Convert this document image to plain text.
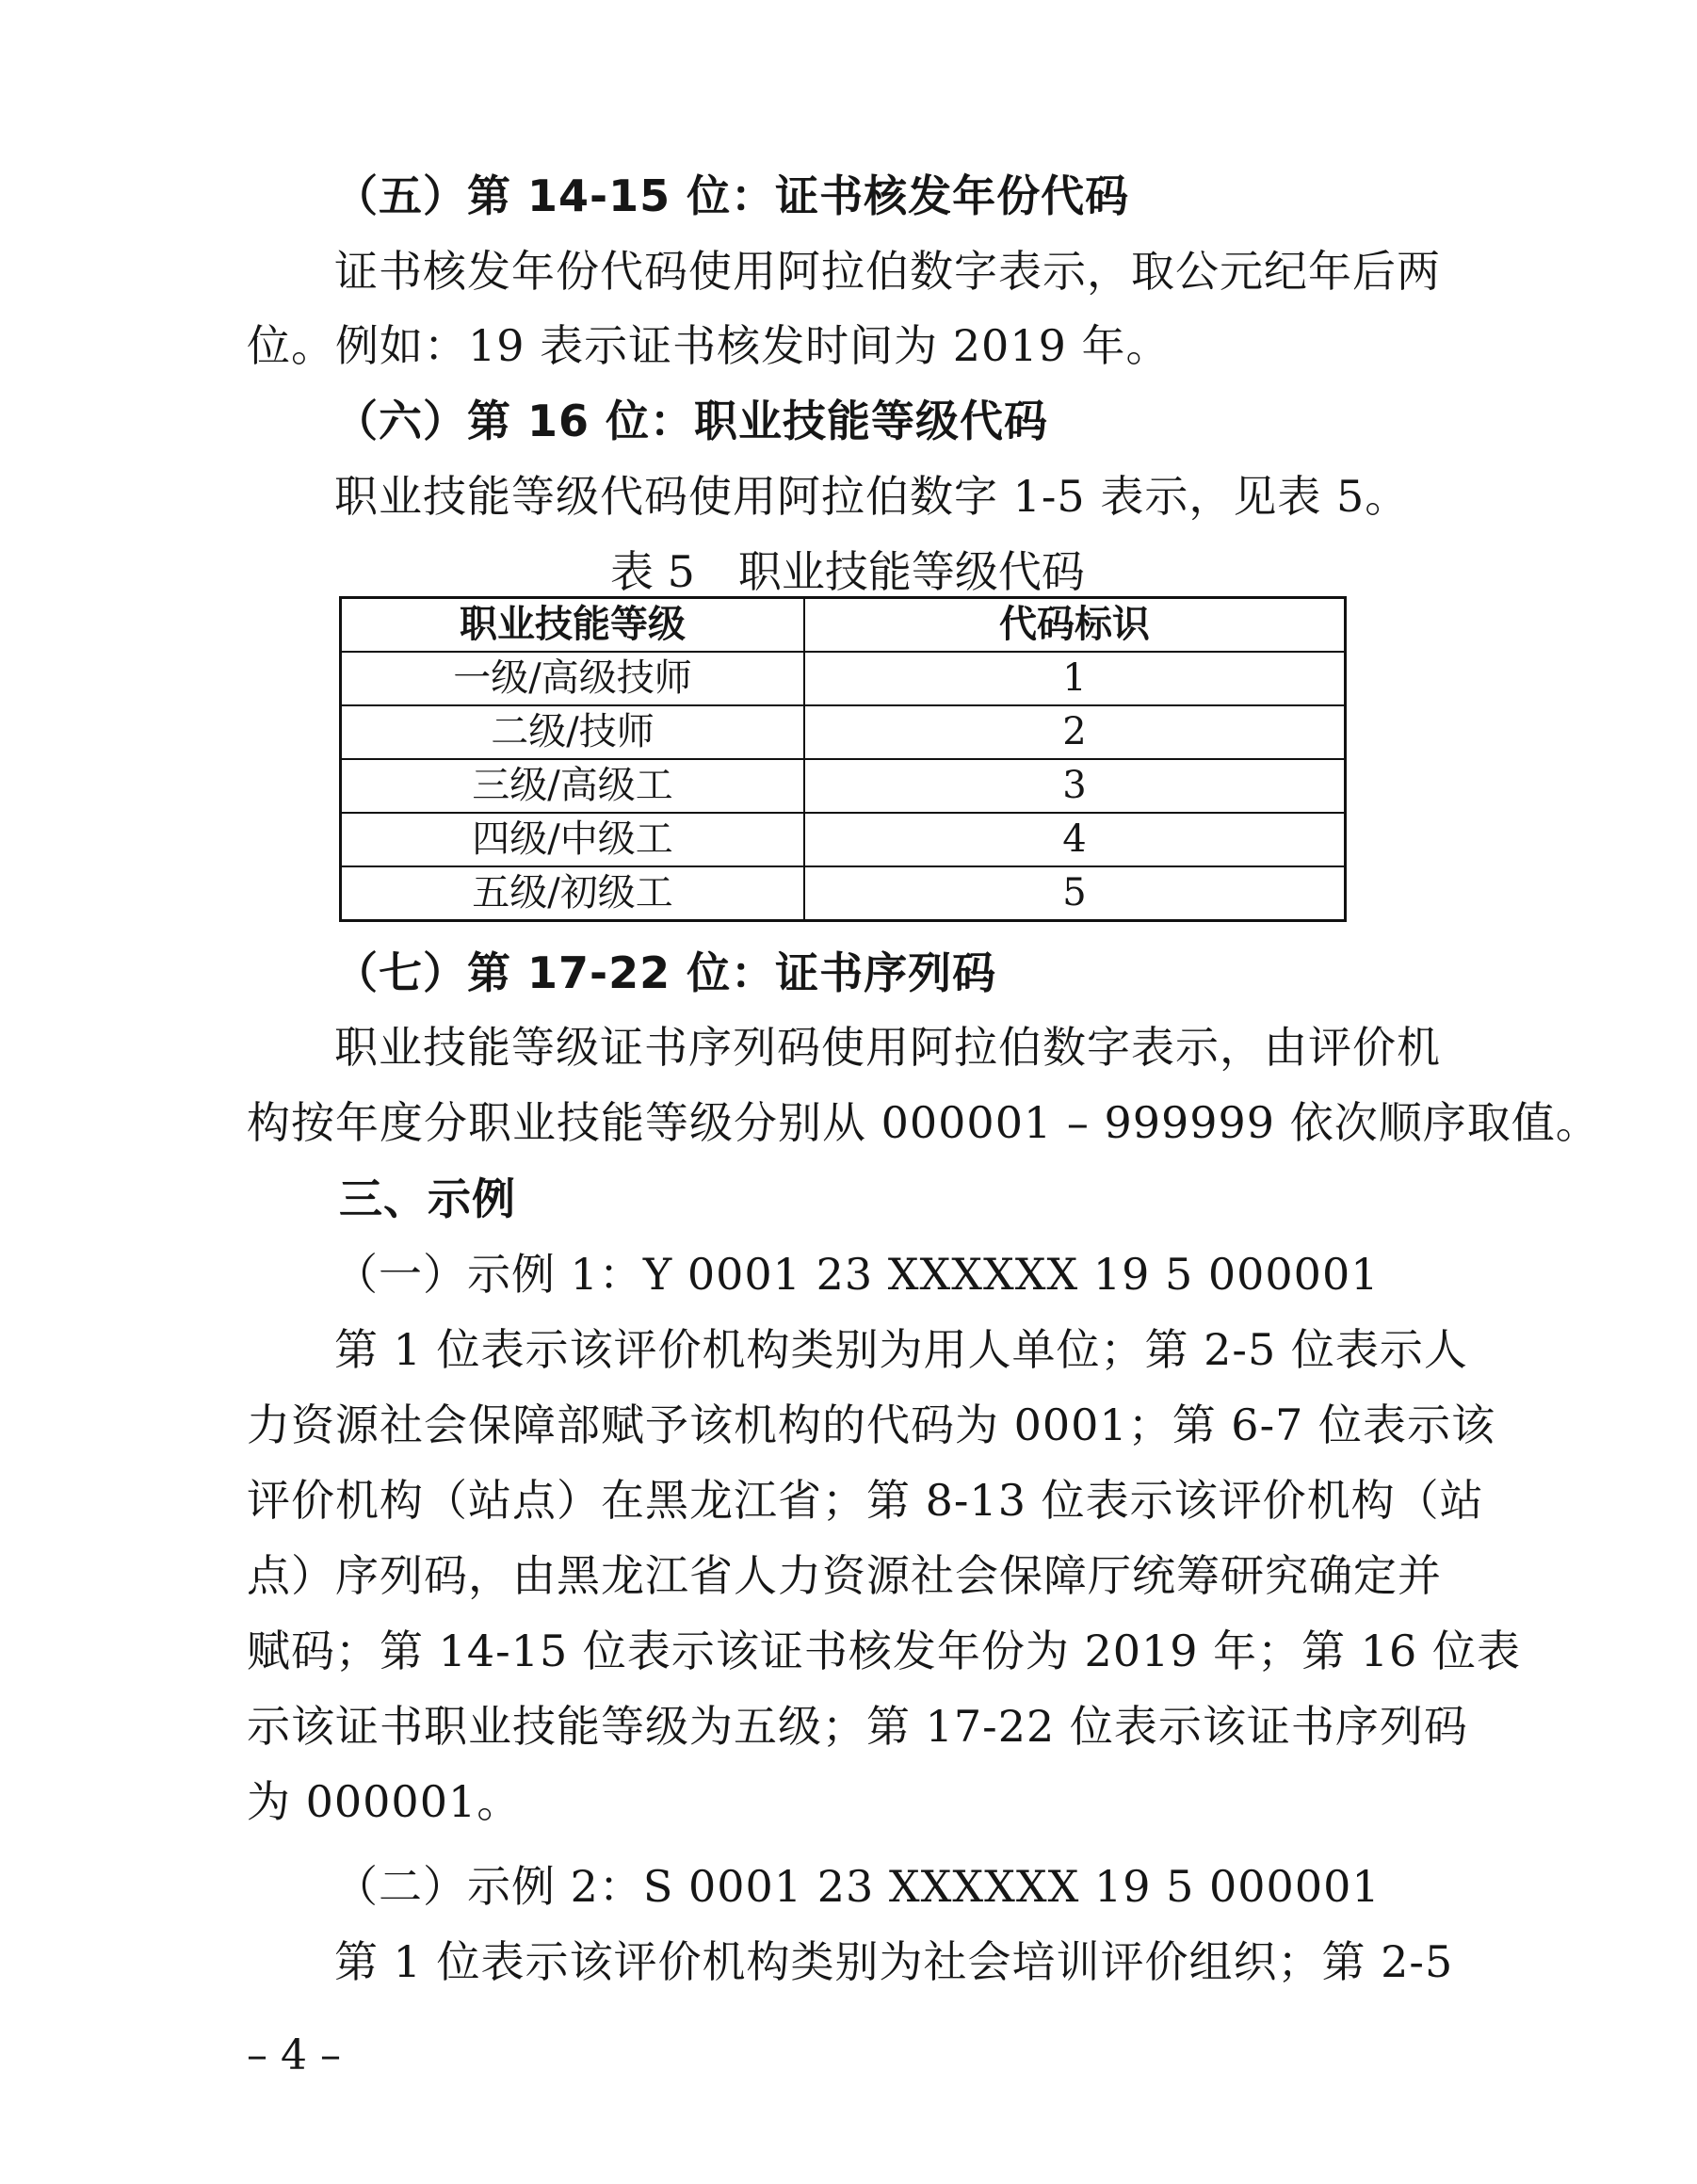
（五）第 14-15 位：证书核发年份代码
证书核发年份代码使用阿拉伯数字表示，取公元纪年后两
位。例如：19 表示证书核发时间为 2019 年。
（六）第 16 位：职业技能等级代码
职业技能等级代码使用阿拉伯数字 1-5 表示，见表 5。
表 5　职业技能等级代码
职业技能等级	代码标识
一级/高级技师	1
二级/技师	2
三级/高级工	3
四级/中级工	4
五级/初级工	5
（七）第 17-22 位：证书序列码
职业技能等级证书序列码使用阿拉伯数字表示，由评价机
构按年度分职业技能等级分别从 000001 – 999999 依次顺序取值。
三、示例
（一）示例 1：Y 0001 23 XXXXXX 19 5 000001
第 1 位表示该评价机构类别为用人单位；第 2-5 位表示人
力资源社会保障部赋予该机构的代码为 0001；第 6-7 位表示该
评价机构（站点）在黑龙江省；第 8-13 位表示该评价机构（站
点）序列码，由黑龙江省人力资源社会保障厅统筹研究确定并
赋码；第 14-15 位表示该证书核发年份为 2019 年；第 16 位表
示该证书职业技能等级为五级；第 17-22 位表示该证书序列码
为 000001。
（二）示例 2：S 0001 23 XXXXXX 19 5 000001
第 1 位表示该评价机构类别为社会培训评价组织；第 2-5
– 4 –
